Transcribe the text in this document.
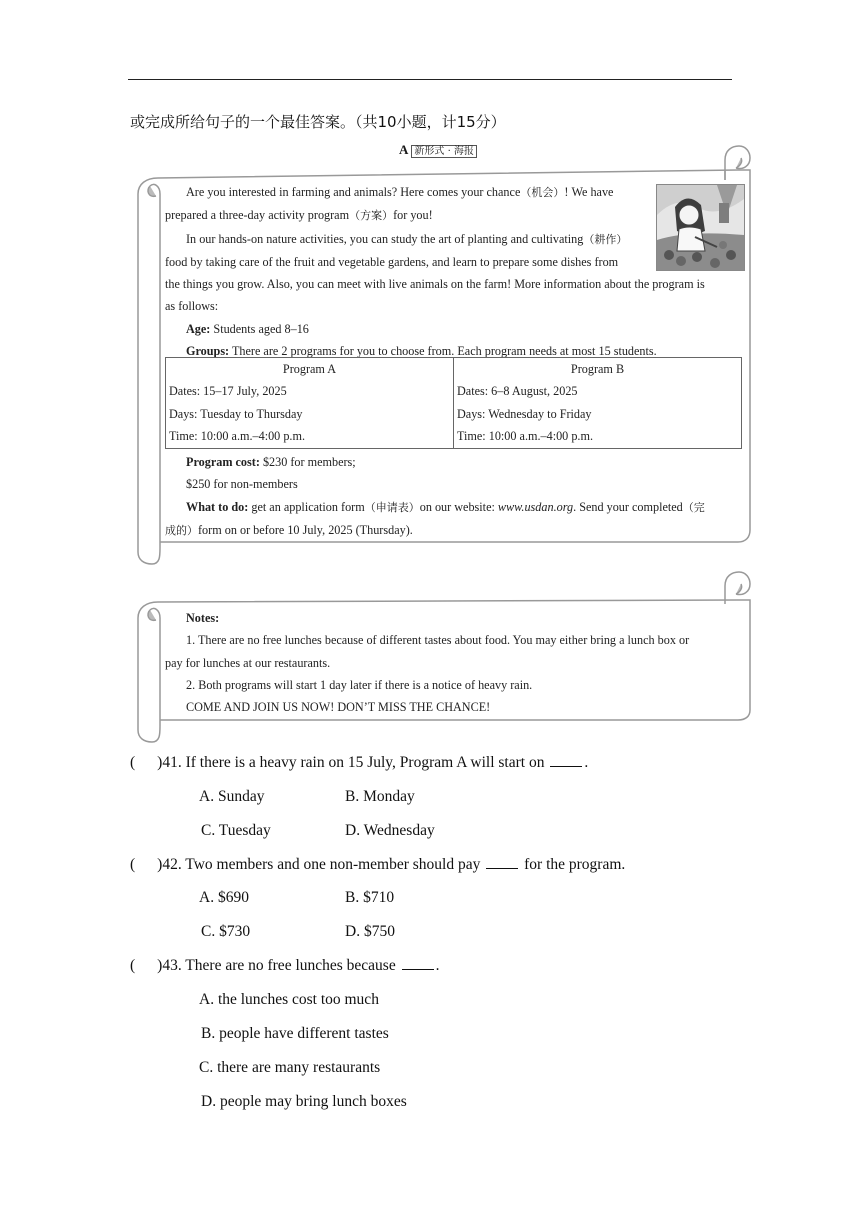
或完成所给句子的一个最佳答案。（共10小题，计15分）
A 新形式 · 海报

Are you interested in farming and animals? Here comes your chance（机会）! We have

prepared a three-day activity program（方案）for you!

In our hands-on nature activities, you can study the art of planting and cultivating（耕作）

food by taking care of the fruit and vegetable gardens, and learn to prepare some dishes from

the things you grow. Also, you can meet with live animals on the farm! More information about the program is

as follows:

Age: Students aged 8–16

Groups: There are 2 programs for you to choose from. Each program needs at most 15 students.

Program A	Program B
Dates: 15–17 July, 2025	Dates: 6–8 August, 2025
Days: Tuesday to Thursday	Days: Wednesday to Friday
Time: 10:00 a.m.–4:00 p.m.	Time: 10:00 a.m.–4:00 p.m.

Program cost: $230 for members;

$250 for non-members

What to do: get an application form（申请表）on our website: www.usdan.org. Send your completed（完

成的）form on or before 10 July, 2025 (Thursday).

Notes:

1. There are no free lunches because of different tastes about food. You may either bring a lunch box or

pay for lunches at our restaurants.

2. Both programs will start 1 day later if there is a notice of heavy rain.

COME AND JOIN US NOW! DON’T MISS THE CHANCE!

( )41. If there is a heavy rain on 15 July, Program A will start on	.
A. Sunday	B. Monday
C. Tuesday	D. Wednesday
( )42. Two members and one non-member should pay	for the program.
A. $690	B. $710
C. $730	D. $750
( )43. There are no free lunches because	.
A. the lunches cost too much
B. people have different tastes
C. there are many restaurants
D. people may bring lunch boxes
